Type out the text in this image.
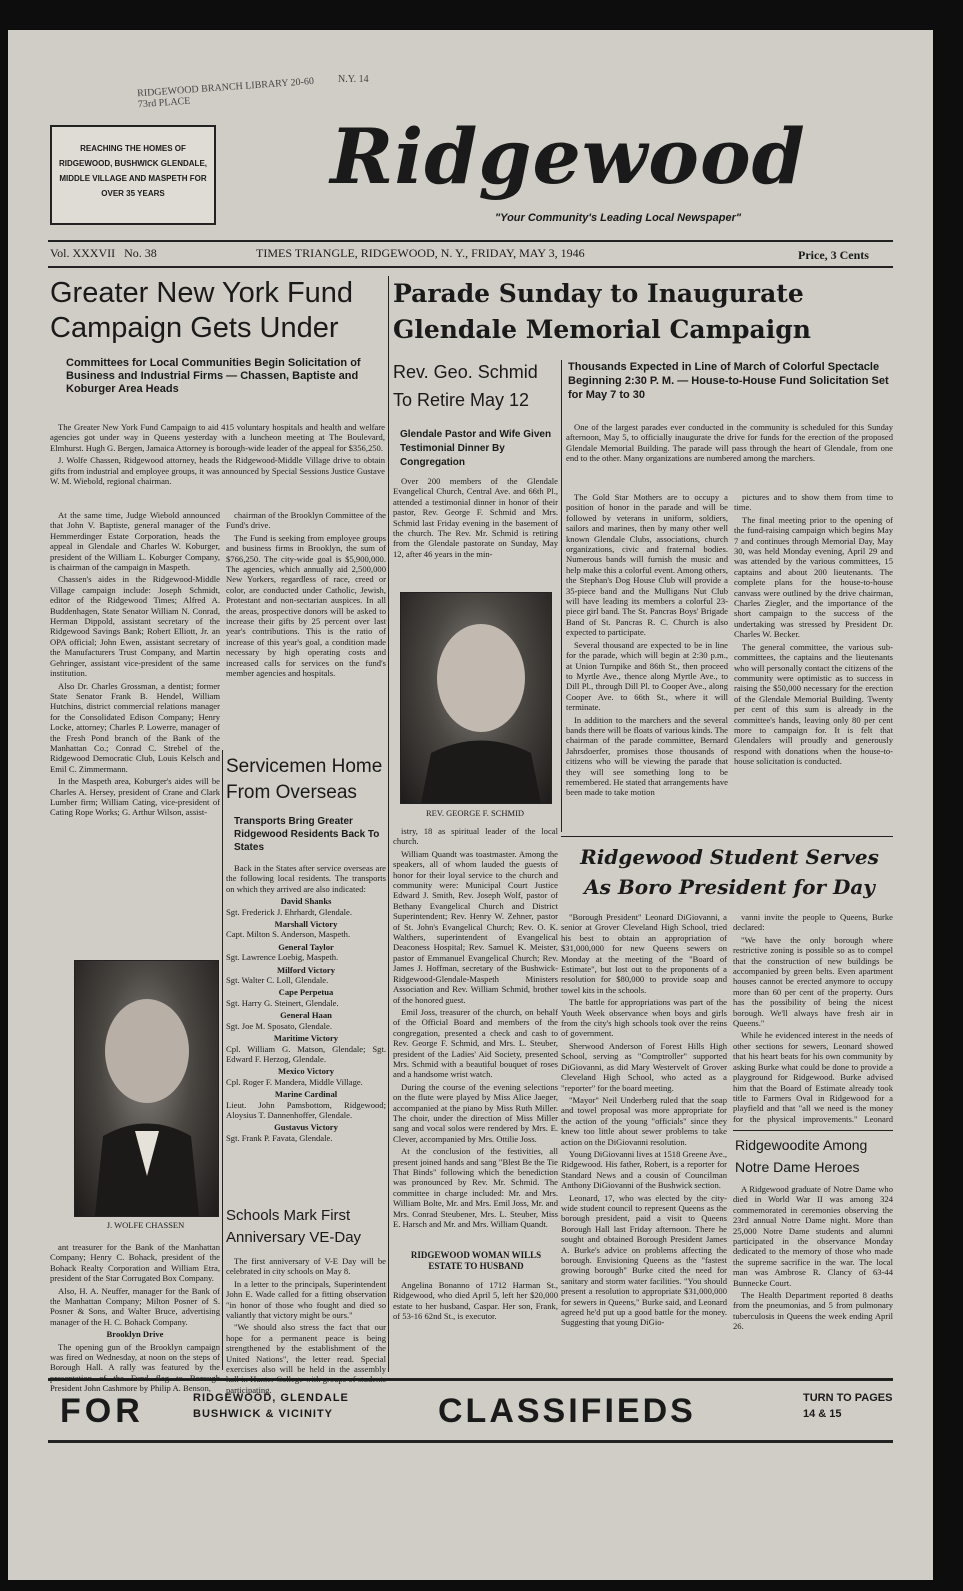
RIDGEWOOD BRANCH LIBRARY 20-60 73rd PLACE
N.Y. 14
REACHING THE HOMES OF RIDGEWOOD, BUSHWICK GLENDALE, MIDDLE VILLAGE AND MASPETH FOR OVER 35 YEARS	Ridgewood
"Your Community's Leading Local Newspaper"
Vol. XXXVII No. 38	TIMES TRIANGLE, RIDGEWOOD, N. Y., FRIDAY, MAY 3, 1946	Price, 3 Cents
Greater New York Fund Campaign Gets Under
Committees for Local Communities Begin Solicitation of Business and Industrial Firms — Chassen, Baptiste and Koburger Area Heads

The Greater New York Fund Campaign to aid 415 voluntary hospitals and health and welfare agencies got under way in Queens yesterday with a luncheon meeting at The Boulevard, Elmhurst. Hugh G. Bergen, Jamaica Attorney is borough-wide leader of the appeal for $356,250.

J. Wolfe Chassen, Ridgewood attorney, heads the Ridgewood-Middle Village drive to obtain gifts from industrial and employee groups, it was announced by Special Sessions Justice Gustave W. M. Wiebold, regional chairman.

At the same time, Judge Wiebold announced that John V. Baptiste, general manager of the Hemmerdinger Estate Corporation, heads the appeal in Glendale and Charles W. Koburger, president of the William L. Koburger Company, is chairman of the campaign in Maspeth.

Chassen's aides in the Ridgewood-Middle Village campaign include: Joseph Schmidt, editor of the Ridgewood Times; Alfred A. Buddenhagen, State Senator William N. Conrad, Herman Dippold, assistant secretary of the Ridgewood Savings Bank; Robert Elliott, Jr. an OPA official; John Ewen, assistant secretary of the Manufacturers Trust Company, and Martin Gehringer, assistant vice-president of the same institution.

Also Dr. Charles Grossman, a dentist; former State Senator Frank B. Hendel, William Hutchins, district commercial relations manager for the Consolidated Edison Company; Henry Locke, attorney; Charles P. Lowerre, manager of the Fresh Pond branch of the Bank of the Manhattan Co.; Conrad C. Strebel of the Ridgewood Democratic Club, Louis Kelsch and Emil C. Zimmermann.

In the Maspeth area, Koburger's aides will be Charles A. Hersey, president of Crane and Clark Lumber firm; William Cating, vice-president of Cating Rope Works; G. Arthur Wilson, assist-

chairman of the Brooklyn Committee of the Fund's drive.

The Fund is seeking from employee groups and business firms in Brooklyn, the sum of $766,250. The city-wide goal is $5,900,000. The agencies, which annually aid 2,500,000 New Yorkers, regardless of race, creed or color, are conducted under Catholic, Jewish, Protestant and non-sectarian auspices. In all the areas, prospective donors will be asked to increase their gifts by 25 percent over last year's contributions. This is the ratio of increase of this year's goal, a condition made necessary by high operating costs and increased calls for services on the fund's member agencies and hospitals.

J. WOLFE CHASSEN

ant treasurer for the Bank of the Manhattan Company; Henry C. Bohack, president of the Bohack Realty Corporation and William Etra, president of the Star Corrugated Box Company.

Also, H. A. Neuffer, manager for the Bank of the Manhattan Company; Milton Posner of S. Posner & Sons, and Walter Bruce, advertising manager of the H. C. Bohack Company.

Brooklyn Drive

The opening gun of the Brooklyn campaign was fired on Wednesday, at noon on the steps of Borough Hall. A rally was featured by the President John Cashmore by Philip A. Benson,

Servicemen Home From Overseas
Transports Bring Greater Ridgewood Residents Back To States

Back in the States after service overseas are the following local residents. The transports on which they arrived are also indicated:

David Shanks

Sgt. Frederick J. Ehrhardt, Glendale.

Marshall Victory

Capt. Milton S. Anderson, Maspeth.

General Taylor

Sgt. Lawrence Loebig, Maspeth.

Milford Victory

Sgt. Walter C. Loll, Glendale.

Cape Perpetua

Sgt. Harry G. Steinert, Glendale.

General Haan

Sgt. Joe M. Sposato, Glendale.

Maritime Victory

Cpl. William G. Matson, Glendale; Sgt. Edward F. Herzog, Glendale.

Mexico Victory

Cpl. Roger F. Mandera, Middle Village.

Marine Cardinal

Lieut. John Pamsbottom, Ridgewood; Aloysius T. Dannenhoffer, Glendale.

Gustavus Victory

Sgt. Frank P. Favata, Glendale.

Schools Mark First Anniversary VE-Day

The first anniversary of V-E Day will be celebrated in city schools on May 8.

In a letter to the principals, Superintendent John E. Wade called for a fitting observation "in honor of those who fought and died so valiantly that victory might be ours."

"We should also stress the fact that our hope for a permanent peace is being strengthened by the establishment of the United Nations", the letter read. Special exercises also will be held in the assembly participating.

Parade Sunday to Inaugurate Glendale Memorial Campaign
Rev. Geo. Schmid To Retire May 12
Glendale Pastor and Wife Given Testimonial Dinner By Congregation

Over 200 members of the Glendale Evangelical Church, Central Ave. and 66th Pl., attended a testimonial dinner in honor of their pastor, Rev. George F. Schmid and Mrs. Schmid last Friday evening in the basement of the church. The Rev. Mr. Schmid is retiring from the Glendale pastorate on Sunday, May 12, after 46 years in the min-

REV. GEORGE F. SCHMID

istry, 18 as spiritual leader of the local church.

William Quandt was toastmaster. Among the speakers, all of whom lauded the guests of honor for their loyal service to the church and community were: Municipal Court Justice Edward J. Smith, Rev. Joseph Wolf, pastor of Bethany Evangelical Church and District Superintendent; Rev. Henry W. Zehner, pastor of St. John's Evangelical Church; Rev. O. K. Walthers, superintendent of Evangelical Deaconess Hospital; Rev. Samuel K. Meister, pastor of Emmanuel Evangelical Church; Rev. James J. Hoffman, secretary of the Bushwick-Ridgewood-Glendale-Maspeth Ministers Association and Rev. William Schmid, brother of the honored guest.

Emil Joss, treasurer of the church, on behalf of the Official Board and members of the congregation, presented a check and cash to Rev. George F. Schmid, and Mrs. L. Steuber, president of the Ladies' Aid Society, presented Mrs. Schmid with a beautiful bouquet of roses and a handsome wrist watch.

During the course of the evening selections on the flute were played by Miss Alice Jaeger, accompanied at the piano by Miss Ruth Miller. The choir, under the direction of Miss Miller sang and vocal solos were rendered by Mrs. E. Clever, accompanied by Mrs. Ottilie Joss.

At the conclusion of the festivities, all present joined hands and sang "Blest Be the Tie That Binds" following which the benediction was pronounced by Rev. Mr. Schmid. The committee in charge included: Mr. and Mrs. William Bolte, Mr. and Mrs. Emil Joss, Mr. and Mrs. Conrad Steubener, Mrs. L. Steuber, Miss E. Harsch and Mr. and Mrs. William Quandt.

RIDGEWOOD WOMAN WILLS ESTATE TO HUSBAND

Angelina Bonanno of 1712 Harman St., Ridgewood, who died April 5, left her $20,000 estate to her husband, Caspar. Her son, Frank, of 53-16 62nd St., is executor.

Thousands Expected in Line of March of Colorful Spectacle Beginning 2:30 P. M. — House-to-House Fund Solicitation Set for May 7 to 30

One of the largest parades ever conducted in the community is scheduled for this Sunday afternoon, May 5, to officially inaugurate the drive for funds for the erection of the proposed Glendale Memorial Building. The parade will pass through the heart of Glendale, from one end to the other. Many organizations are numbered among the marchers.

The Gold Star Mothers are to occupy a position of honor in the parade and will be followed by veterans in uniform, soldiers, sailors and marines, then by many other well known Glendale Clubs, associations, church organizations, civic and fraternal bodies. Numerous bands will furnish the music and help make this a colorful event. Among others, the Stephan's Dog House Club will provide a 35-piece band and the Mulligans Nut Club will have leading its members a colorful 23-piece girl band. The St. Pancras Boys' Brigade Band of St. Pancras R. C. Church is also expected to participate.

Several thousand are expected to be in line for the parade, which will begin at 2:30 p.m., at Union Turnpike and 86th St., then proceed to Myrtle Ave., thence along Myrtle Ave., to Dill Pl., through Dill Pl. to Cooper Ave., along Cooper Ave. to 66th St., where it will terminate.

In addition to the marchers and the several bands there will be floats of various kinds. The chairman of the parade committee, Bernard Jahrsdoerfer, promises those thousands of citizens who will be viewing the parade that they will see something long to be remembered. He stated that arrangements have been made to take motion

pictures and to show them from time to time.

The final meeting prior to the opening of the fund-raising campaign which begins May 7 and continues through Memorial Day, May 30, was held Monday evening, April 29 and was attended by the various committees, 15 captains and about 200 lieutenants. The complete plans for the house-to-house canvass were outlined by the drive chairman, Charles Ziegler, and the importance of the short campaign to the success of the undertaking was stressed by President Dr. Charles W. Becker.

The general committee, the various sub-committees, the captains and the lieutenants who will personally contact the citizens of the community were optimistic as to success in raising the $50,000 necessary for the erection of the Glendale Memorial Building. Twenty per cent of this sum is already in the committee's hands, leaving only 80 per cent more to campaign for. It is felt that Glendalers will proudly and generously respond with donations when the house-to-house solicitation is conducted.

Ridgewood Student Serves As Boro President for Day

"Borough President" Leonard DiGiovanni, a senior at Grover Cleveland High School, tried his best to obtain an appropriation of $31,000,000 for new Queens sewers on Monday at the meeting of the "Board of Estimate", but lost out to the proponents of a resolution for $80,000 to provide soap and towel kits in the schools.

The battle for appropriations was part of the Youth Week observance when boys and girls from the city's high schools took over the reins of government.

Sherwood Anderson of Forest Hills High School, serving as "Comptroller" supported DiGiovanni, as did Mary Westervelt of Grover Cleveland High School, who acted as a "reporter" for the board meeting.

"Mayor" Neil Underberg ruled that the soap and towel proposal was more appropriate for the action of the young "officials" since they knew too little about sewer problems to take action on the DiGiovanni resolution.

Young DiGiovanni lives at 1518 Greene Ave., Ridgewood. His father, Robert, is a reporter for Standard News and a cousin of Councilman Anthony DiGiovanni of the Bushwick section.

Leonard, 17, who was elected by the city-wide student council to represent Queens as the borough president, paid a visit to Queens Borough Hall last Friday afternoon. There he sought and obtained Borough President James A. Burke's advice on problems affecting the borough. Envisioning Queens as the "fastest growing borough" Burke cited the need for sanitary and storm water facilities. "You should present a resolution to appropriate $31,000,000 for sewers in Queens," Burke said, and Leonard agreed he'd put up a good battle for the money. Suggesting that young DiGio-

vanni invite the people to Queens, Burke declared:

"We have the only borough where restrictive zoning is possible so as to compel that the construction of new buildings be accompanied by green belts. Even apartment houses cannot be erected anymore to occupy more than 60 per cent of the property. Ours has the possibility of being the nicest borough. We'll always have fresh air in Queens."

While he evidenced interest in the needs of other sections for sewers, Leonard showed that his heart beats for his own community by asking Burke what could be done to provide a playground for Ridgewood. Burke advised him that the Board of Estimate already took title to Farmers Oval in Ridgewood for a playfield and that "all we need is the money for the physical improvements." Leonard

Ridgewoodite Among Notre Dame Heroes

A Ridgewood graduate of Notre Dame who died in World War II was among 324 commemorated in ceremonies observing the 23rd annual Notre Dame night. More than 25,000 Notre Dame students and alumni participated in the observance Monday dedicated to the memory of those who made the supreme sacrifice in the war. The local man was Ambrose R. Clancy of 63-44 Bunnecke Court.

The Health Department reported 8 deaths from the pneumonias, and 5 from pulmonary tuberculosis in Queens the week ending April 26.

FOR	RIDGEWOOD, GLENDALE BUSHWICK & VICINITY	CLASSIFIEDS	TURN TO PAGES 14 & 15
